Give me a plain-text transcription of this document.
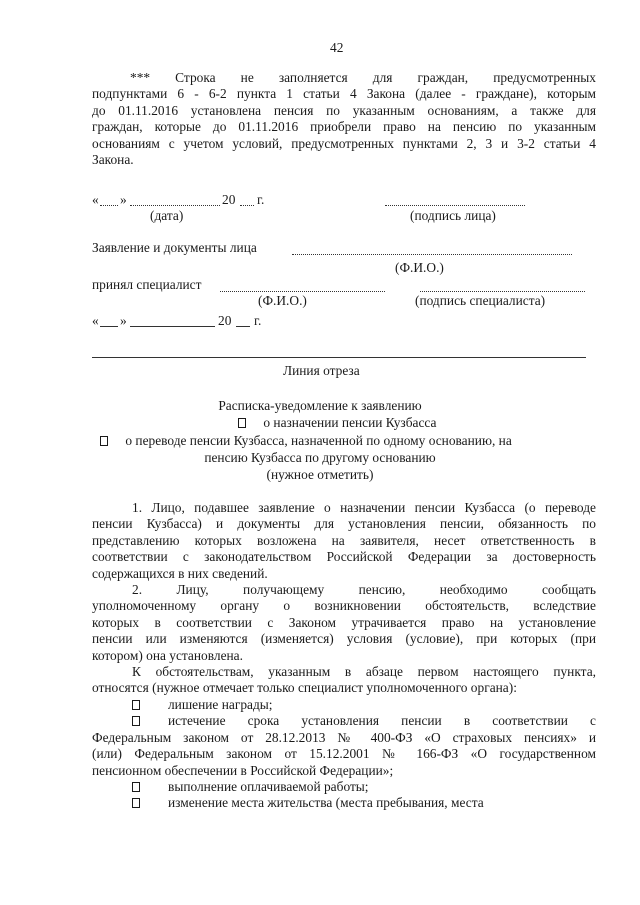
42

*** Строка не заполняется для граждан, предусмотренных

подпунктами 6 - 6-2 пункта 1 статьи 4 Закона (далее - граждане), которым

до 01.11.2016 установлена пенсия по указанным основаниям, а также для

граждан, которые до 01.11.2016 приобрели право на пенсию по указанным

основаниям с учетом условий, предусмотренных пунктами 2, 3 и 3-2 статьи 4

Закона.

« »	20 г.
(дата)	(подпись лица)
Заявление и документы лица
(Ф.И.О.)
принял специалист
(Ф.И.О.)	(подпись специалиста)
« »	20 г.
Линия отреза
Расписка-уведомление к заявлению
о назначении пенсии Кузбасса
о переводе пенсии Кузбасса, назначенной по одному основанию, на
пенсию Кузбасса по другому основанию
(нужное отметить)

1. Лицо, подавшее заявление о назначении пенсии Кузбасса (о переводе

пенсии Кузбасса) и документы для установления пенсии, обязанность по

представлению которых возложена на заявителя, несет ответственность в

соответствии с законодательством Российской Федерации за достоверность

содержащихся в них сведений.

2. Лицу, получающему пенсию, необходимо сообщать

уполномоченному органу о возникновении обстоятельств, вследствие

которых в соответствии с Законом утрачивается право на установление

пенсии или изменяются (изменяется) условия (условие), при которых (при

котором) она установлена.

К обстоятельствам, указанным в абзаце первом настоящего пункта,

относятся (нужное отмечает только специалист уполномоченного органа):

лишение награды;

истечение срока установления пенсии в соответствии с

Федеральным законом от 28.12.2013 № 400-ФЗ «О страховых пенсиях» и

(или) Федеральным законом от 15.12.2001 № 166-ФЗ «О государственном

пенсионном обеспечении в Российской Федерации»;

выполнение оплачиваемой работы;

изменение места жительства (места пребывания, места
